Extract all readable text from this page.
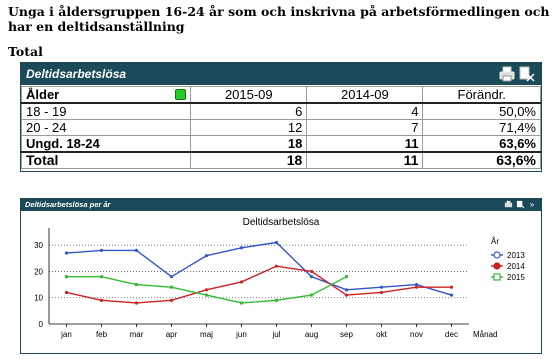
Unga i åldersgruppen 16-24 år som och inskrivna på arbetsförmedlingen och har en deltidsanställning
Total
Deltidsarbetslösa
Ålder	2015-09	2014-09	Förändr.
18 - 19	6	4	50,0%
20 - 24	12	7	71,4%
Ungd. 18-24	18	11	63,6%
Total	18	11	63,6%
Deltidsarbetslösa per år	»
Deltidsarbetslösa
0
10
20
30
jan	feb	mar	apr	maj	jun	jul	aug	sep	okt	nov	dec Månad
År
2013
2014
2015
